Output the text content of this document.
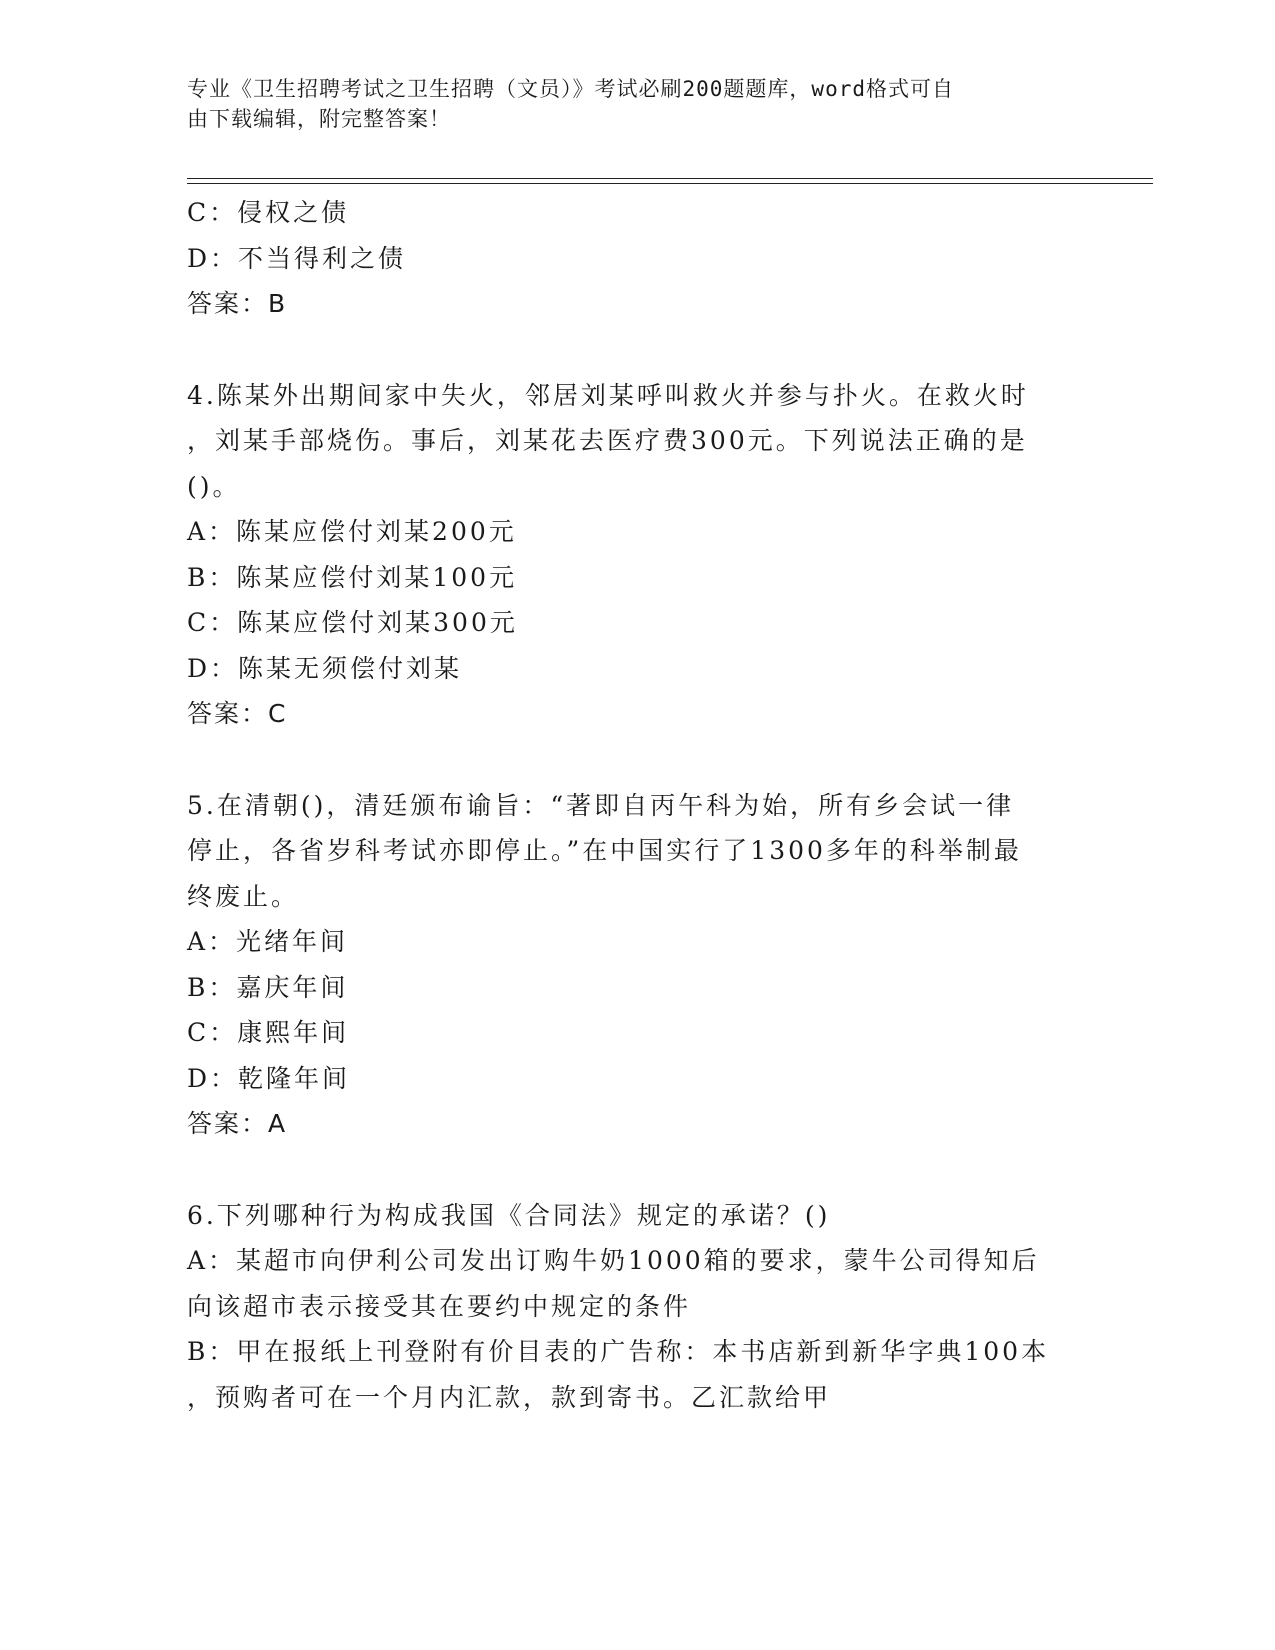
专业《卫生招聘考试之卫生招聘（文员）》考试必刷200题题库，word格式可自
由下载编辑，附完整答案！
C：侵权之债
D：不当得利之债
答案：B
4.陈某外出期间家中失火，邻居刘某呼叫救火并参与扑火。在救火时
，刘某手部烧伤。事后，刘某花去医疗费300元。下列说法正确的是
()。
A：陈某应偿付刘某200元
B：陈某应偿付刘某100元
C：陈某应偿付刘某300元
D：陈某无须偿付刘某
答案：C
5.在清朝()，清廷颁布谕旨：“著即自丙午科为始，所有乡会试一律
停止，各省岁科考试亦即停止。”在中国实行了1300多年的科举制最
终废止。
A：光绪年间
B：嘉庆年间
C：康熙年间
D：乾隆年间
答案：A
6.下列哪种行为构成我国《合同法》规定的承诺？()
A：某超市向伊利公司发出订购牛奶1000箱的要求，蒙牛公司得知后
向该超市表示接受其在要约中规定的条件
B：甲在报纸上刊登附有价目表的广告称：本书店新到新华字典100本
，预购者可在一个月内汇款，款到寄书。乙汇款给甲
